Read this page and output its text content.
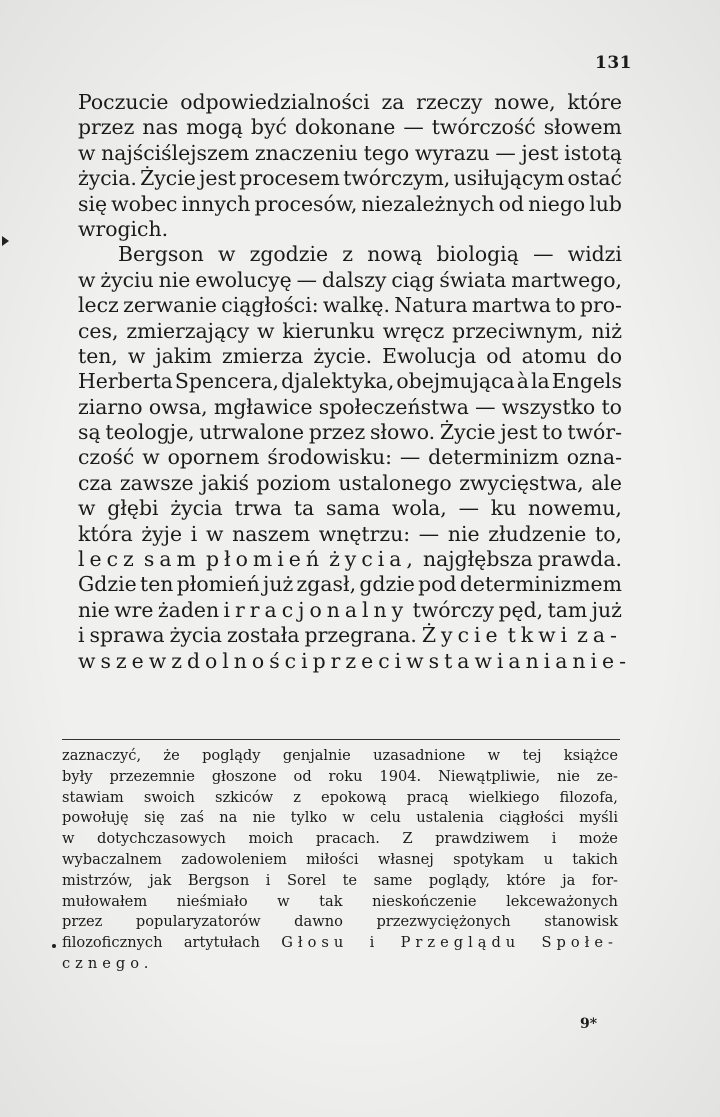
131
Poczucie odpowiedzialności za rzeczy nowe, które
przez nas mogą być dokonane — twórczość słowem
w najściślejszem znaczeniu tego wyrazu — jest istotą
życia. Życie jest procesem twórczym, usiłującym ostać
się wobec innych procesów, niezależnych od niego lub
wrogich.
Bergson w zgodzie z nową biologią — widzi
w życiu nie ewolucyę — dalszy ciąg świata martwego,
lecz zerwanie ciągłości: walkę. Natura martwa to pro-
ces, zmierzający w kierunku wręcz przeciwnym, niż
ten, w jakim zmierza życie. Ewolucja od atomu do
Herberta Spencera, djalektyka, obejmująca à la Engels
ziarno owsa, mgławice społeczeństwa — wszystko to
są teologje, utrwalone przez słowo. Życie jest to twór-
czość w opornem środowisku: — determinizm ozna-
cza zawsze jakiś poziom ustalonego zwycięstwa, ale
w głębi życia trwa ta sama wola, — ku nowemu,
która żyje i w naszem wnętrzu: — nie złudzenie to,
lecz sam płomień życia, najgłębsza prawda.
Gdzie ten płomień już zgasł, gdzie pod determinizmem
nie wre żaden irracjonalny twórczy pęd, tam już
i sprawa życia została przegrana. Życie tkwi za-
wsze w zdolności przeciwstawiania nie-
zaznaczyć, że poglądy genjalnie uzasadnione w tej książce
były przezemnie głoszone od roku 1904. Niewątpliwie, nie ze-
stawiam swoich szkiców z epokową pracą wielkiego filozofa,
powołuję się zaś na nie tylko w celu ustalenia ciągłości myśli
w dotychczasowych moich pracach. Z prawdziwem i może
wybaczalnem zadowoleniem miłości własnej spotykam u takich
mistrzów, jak Bergson i Sorel te same poglądy, które ja for-
mułowałem nieśmiało w tak nieskończenie lekceważonych
przez popularyzatorów dawno przezwyciężonych stanowisk
filozoficznych artytułach Głosu i Przeglądu Społe-
cznego.
9*
